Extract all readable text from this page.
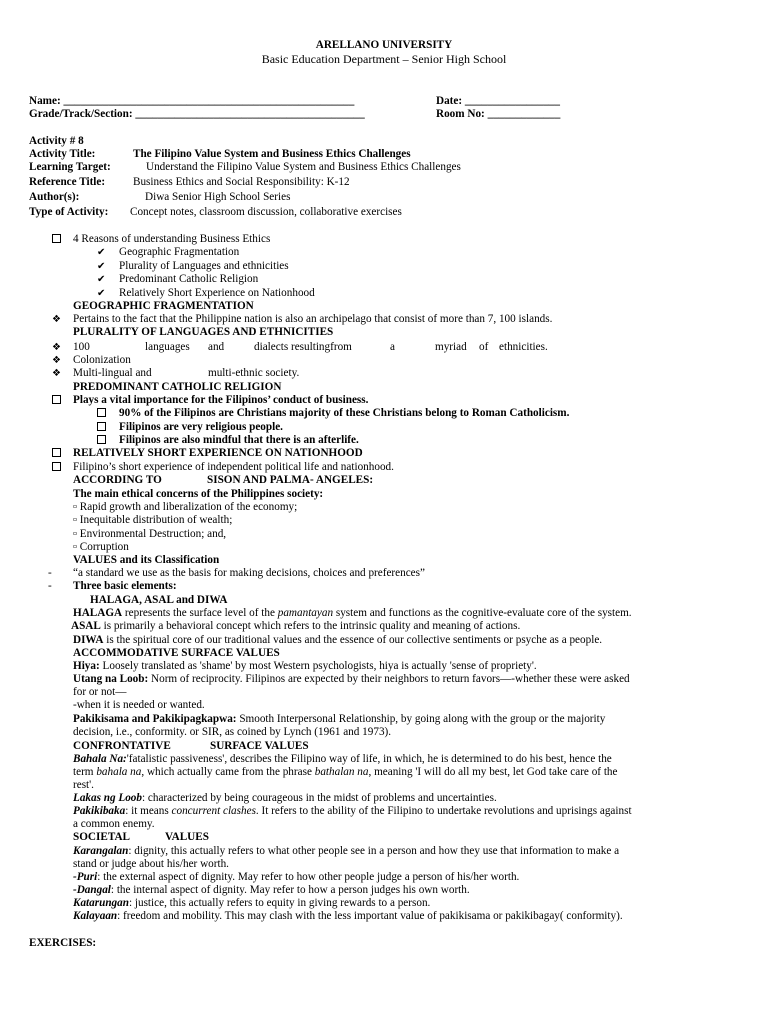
ARELLANO UNIVERSITY
Basic Education Department – Senior High School
Name: ____________________________________________________	Date: _________________
Grade/Track/Section: _________________________________________	Room No: _____________
Activity # 8
Activity Title:	The Filipino Value System and Business Ethics Challenges
Learning Target:	Understand the Filipino Value System and Business Ethics Challenges
Reference Title: Business Ethics and Social Responsibility: K-12
Author(s):	Diwa Senior High School Series
Type of Activity: Concept notes, classroom discussion, collaborative exercises
4 Reasons of understanding Business Ethics
✔ Geographic Fragmentation
✔ Plurality of Languages and ethnicities
✔ Predominant Catholic Religion
✔ Relatively Short Experience on Nationhood
GEOGRAPHIC FRAGMENTATION
❖ Pertains to the fact that the Philippine nation is also an archipelago that consist of more than 7, 100 islands.
PLURALITY OF LANGUAGES AND ETHNICITIES
❖ 100	languages and	dialects resultingfrom	a	myriad of ethnicities.
❖ Colonization
❖ Multi-lingual and	multi-ethnic society.
PREDOMINANT CATHOLIC RELIGION
Plays a vital importance for the Filipinos’ conduct of business.
90% of the Filipinos are Christians majority of these Christians belong to Roman Catholicism.
Filipinos are very religious people.
Filipinos are also mindful that there is an afterlife.
RELATIVELY SHORT EXPERIENCE ON NATIONHOOD
Filipino’s short experience of independent political life and nationhood.
ACCORDING TO	SISON AND PALMA- ANGELES:
The main ethical concerns of the Philippines society:
▫ Rapid growth and liberalization of the economy;
▫ Inequitable distribution of wealth;
▫ Environmental Destruction; and,
▫ Corruption
VALUES and its Classification
- “a standard we use as the basis for making decisions, choices and preferences”
- Three basic elements:
HALAGA, ASAL and DIWA
HALAGA represents the surface level of the pamantayan system and functions as the cognitive-evaluate core of the system.
ASAL is primarily a behavioral concept which refers to the intrinsic quality and meaning of actions.
DIWA is the spiritual core of our traditional values and the essence of our collective sentiments or psyche as a people.
ACCOMMODATIVE SURFACE VALUES
Hiya: Loosely translated as 'shame' by most Western psychologists, hiya is actually 'sense of propriety'.
Utang na Loob: Norm of reciprocity. Filipinos are expected by their neighbors to return favors—-whether these were asked
for or not—
-when it is needed or wanted.
Pakikisama and Pakikipagkapwa: Smooth Interpersonal Relationship, by going along with the group or the majority
decision, i.e., conformity. or SIR, as coined by Lynch (1961 and 1973).
CONFRONTATIVE	SURFACE VALUES
Bahala Na:'fatalistic passiveness', describes the Filipino way of life, in which, he is determined to do his best, hence the
term bahala na, which actually came from the phrase bathalan na, meaning 'I will do all my best, let God take care of the
rest'.
Lakas ng Loob: characterized by being courageous in the midst of problems and uncertainties.
Pakikibaka: it means concurrent clashes. It refers to the ability of the Filipino to undertake revolutions and uprisings against
a common enemy.
SOCIETAL	VALUES
Karangalan: dignity, this actually refers to what other people see in a person and how they use that information to make a
stand or judge about his/her worth.
-Puri: the external aspect of dignity. May refer to how other people judge a person of his/her worth.
-Dangal: the internal aspect of dignity. May refer to how a person judges his own worth.
Katarungan: justice, this actually refers to equity in giving rewards to a person.
Kalayaan: freedom and mobility. This may clash with the less important value of pakikisama or pakikibagay( conformity).
EXERCISES:
